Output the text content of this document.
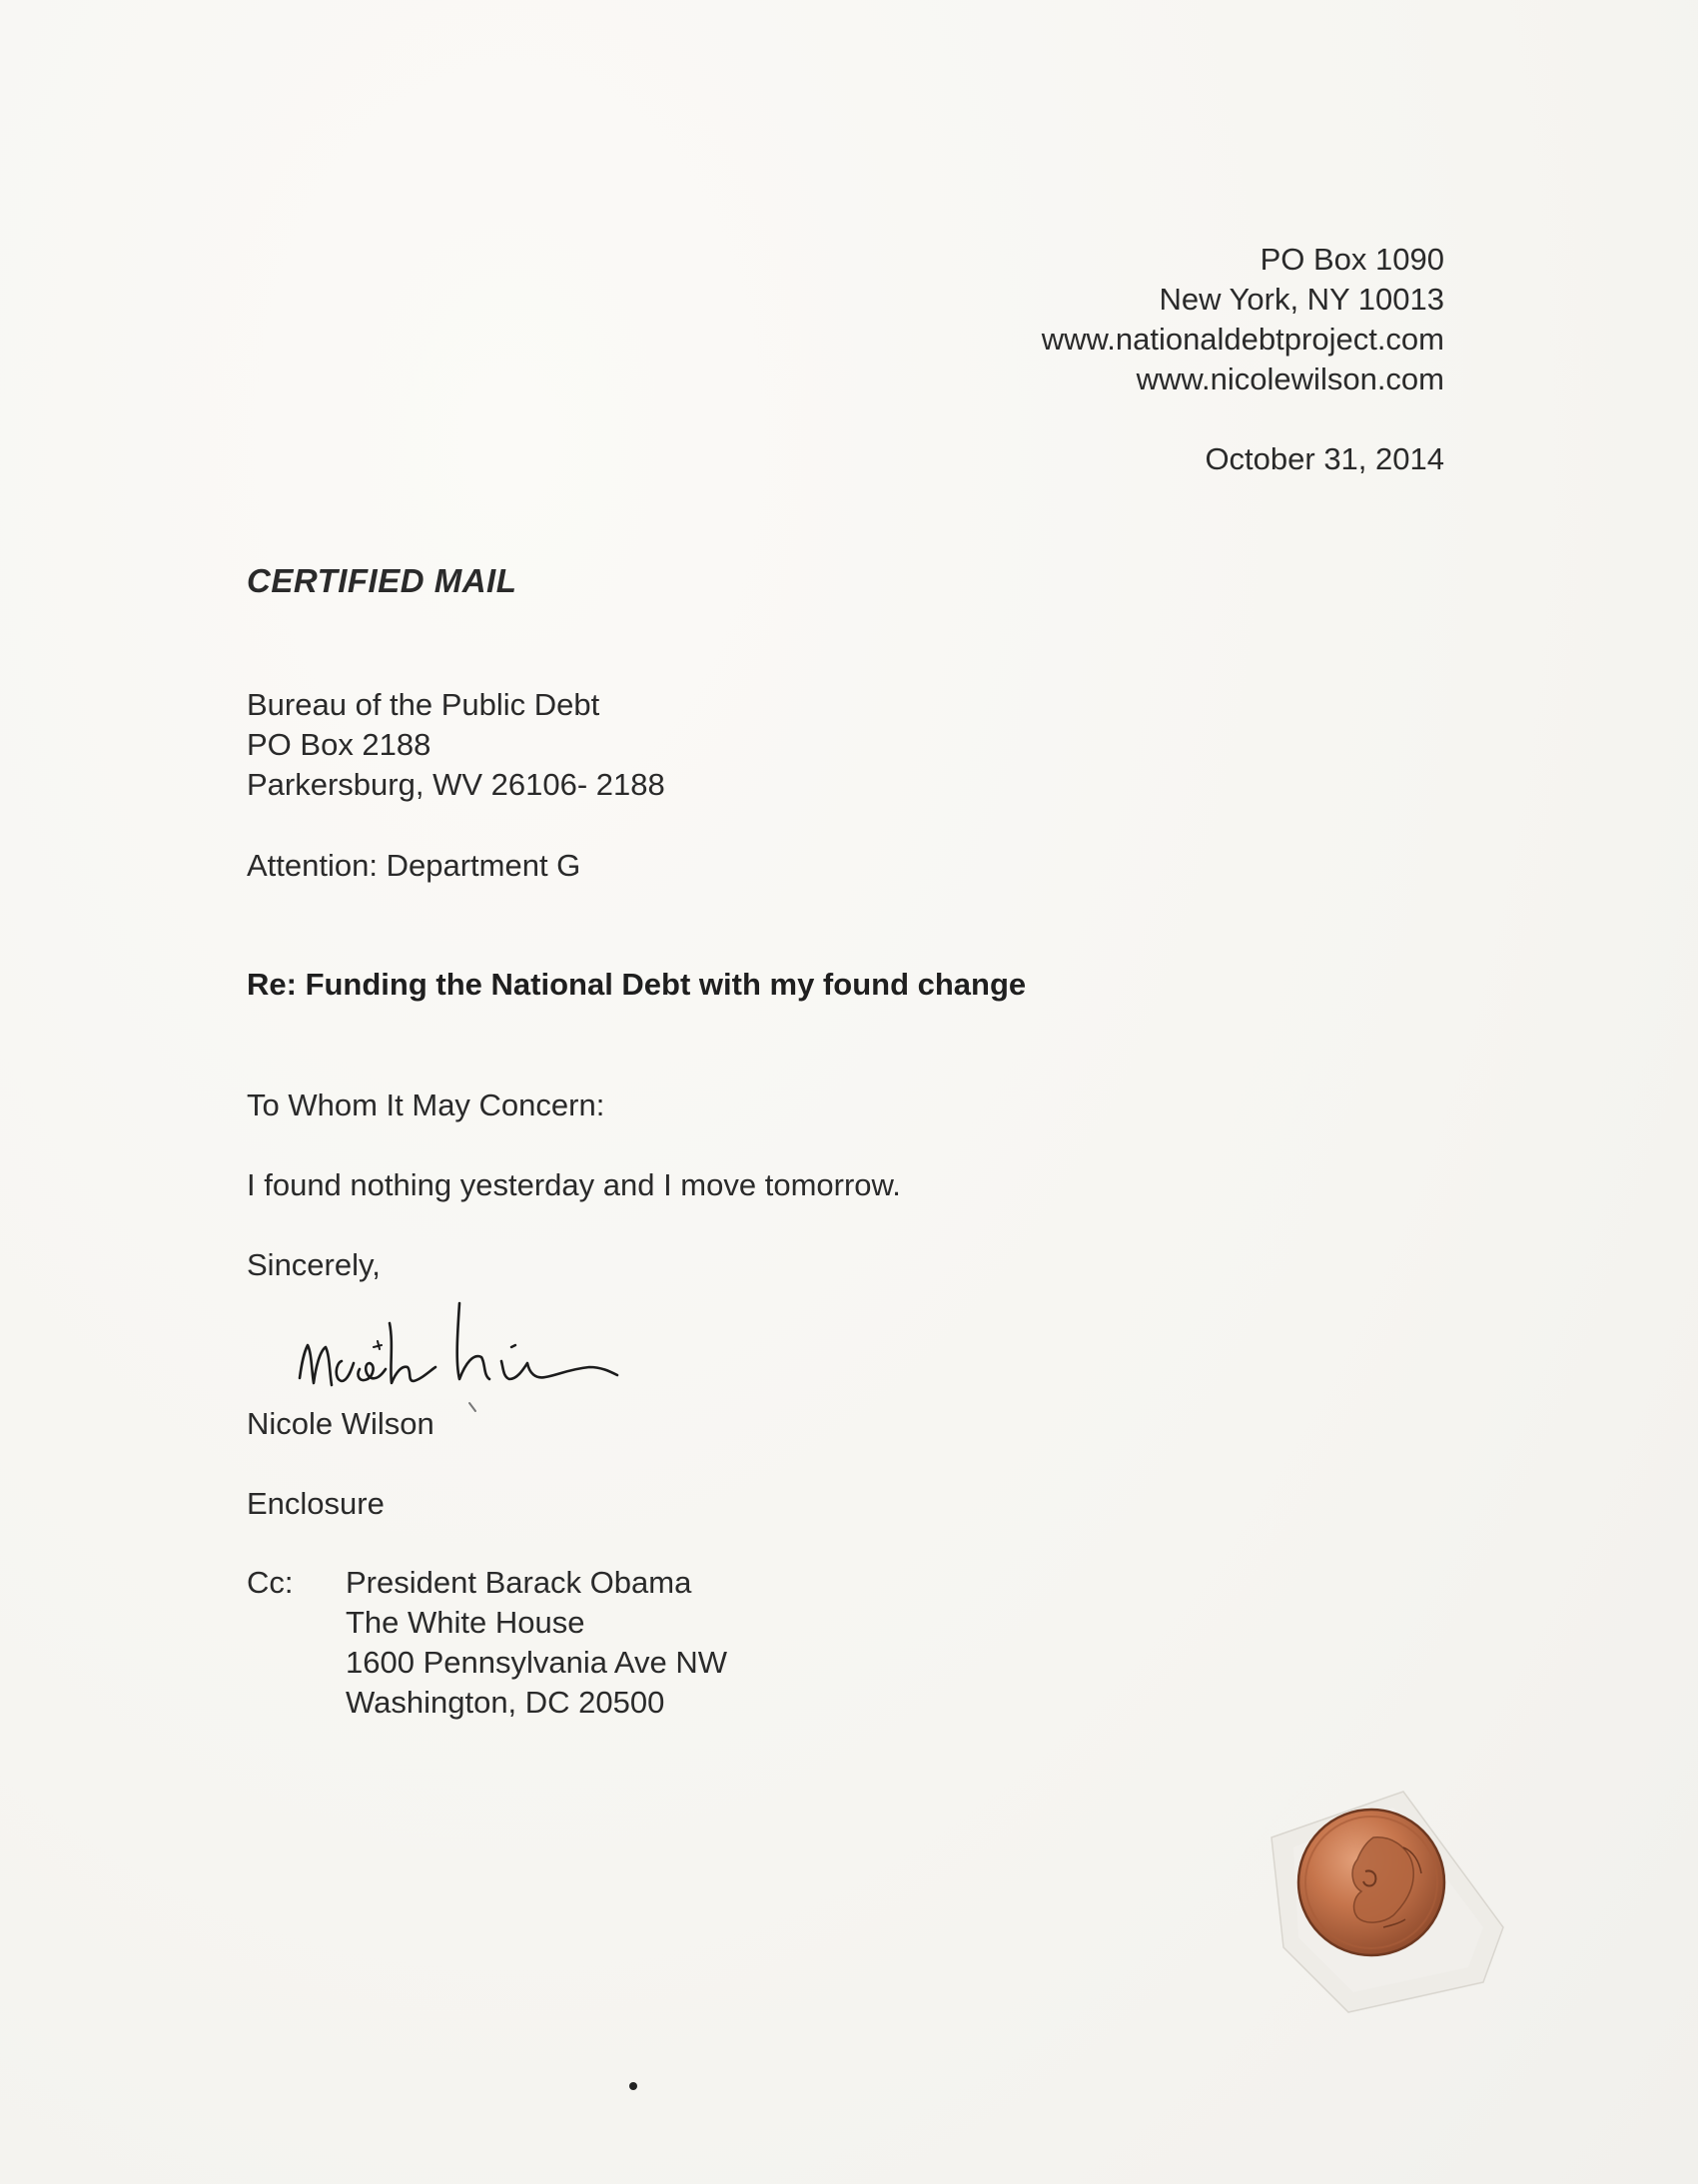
PO Box 1090
New York, NY 10013
www.nationaldebtproject.com
www.nicolewilson.com
October 31, 2014
CERTIFIED MAIL
Bureau of the Public Debt
PO Box 2188
Parkersburg, WV 26106- 2188
Attention: Department G
Re: Funding the National Debt with my found change
To Whom It May Concern:
I found nothing yesterday and I move tomorrow.
Sincerely,
Nicole Wilson
Enclosure
Cc: President Barack Obama
The White House
1600 Pennsylvania Ave NW
Washington, DC 20500
